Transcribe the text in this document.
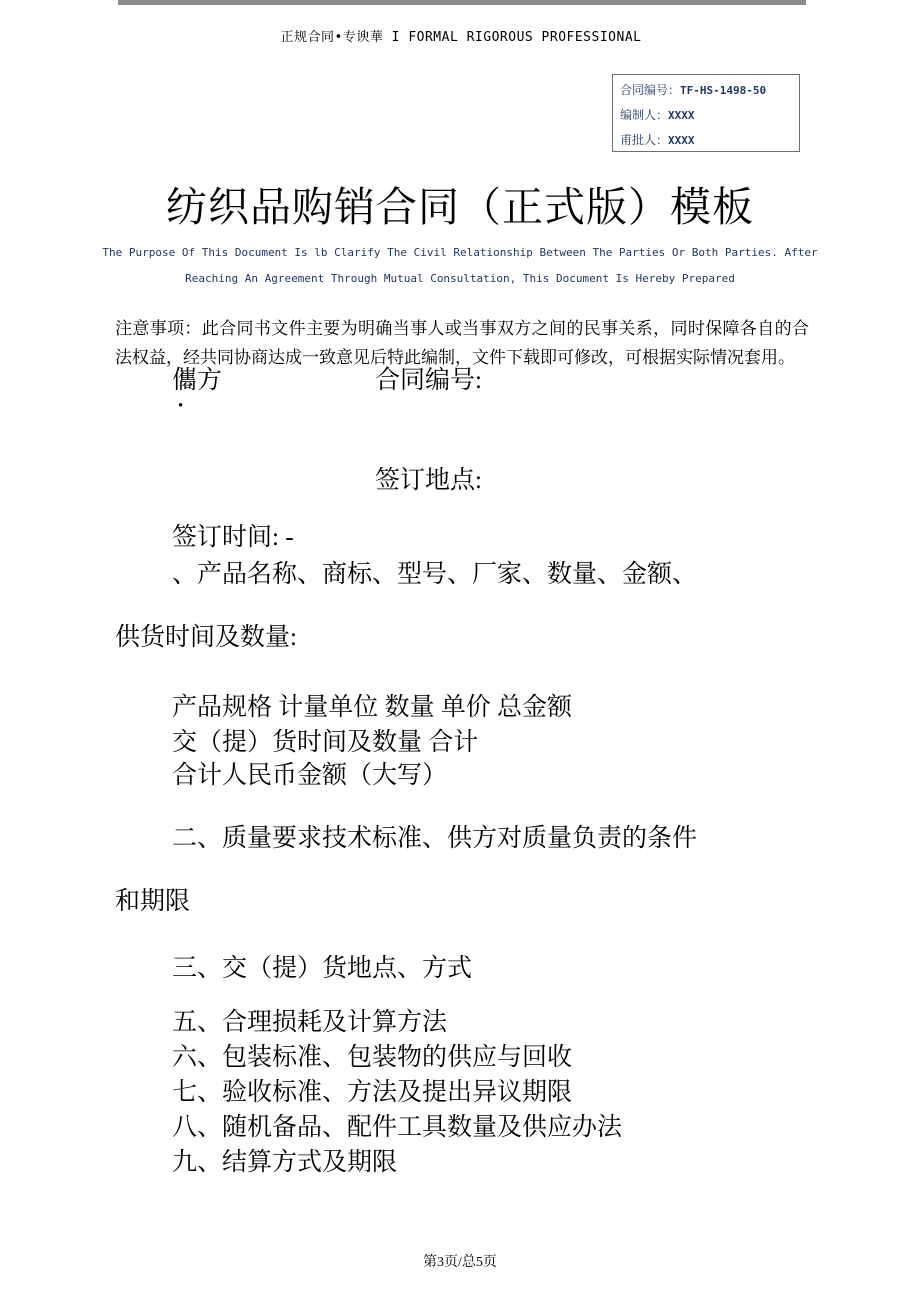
正规合同•专谀華 I FORMAL RIGOROUS PROFESSIONAL
合同编号：TF-HS-1498-50
编制人：XXXX
甫批人：XXXX
纺织品购销合同（正式版）模板
The Purpose Of This Document Is lb Clarify The Civil Relationship Between The Parties Or Both Parties. After
Reaching An Agreement Through Mutual Consultation, This Document Is Hereby Prepared
注意事项：此合同书文件主要为明确当事人或当事双方之间的民事关系，同时保障各自的合法权益，经共同协商达成一致意见后特此编制，文件下载即可修改，可根据实际情况套用。
儶方	合同编号:
•
签订地点:
签订时间: -
、产品名称、商标、型号、厂家、数量、金额、
供货时间及数量:
产品规格 计量单位 数量 单价 总金额
交（提）货时间及数量 合计
合计人民币金额（大写）
二、质量要求技术标准、供方对质量负责的条件
和期限
三、交（提）货地点、方式
五、合理损耗及计算方法
六、包装标准、包装物的供应与回收
七、验收标准、方法及提出异议期限
八、随机备品、配件工具数量及供应办法
九、结算方式及期限
第3页/总5页
